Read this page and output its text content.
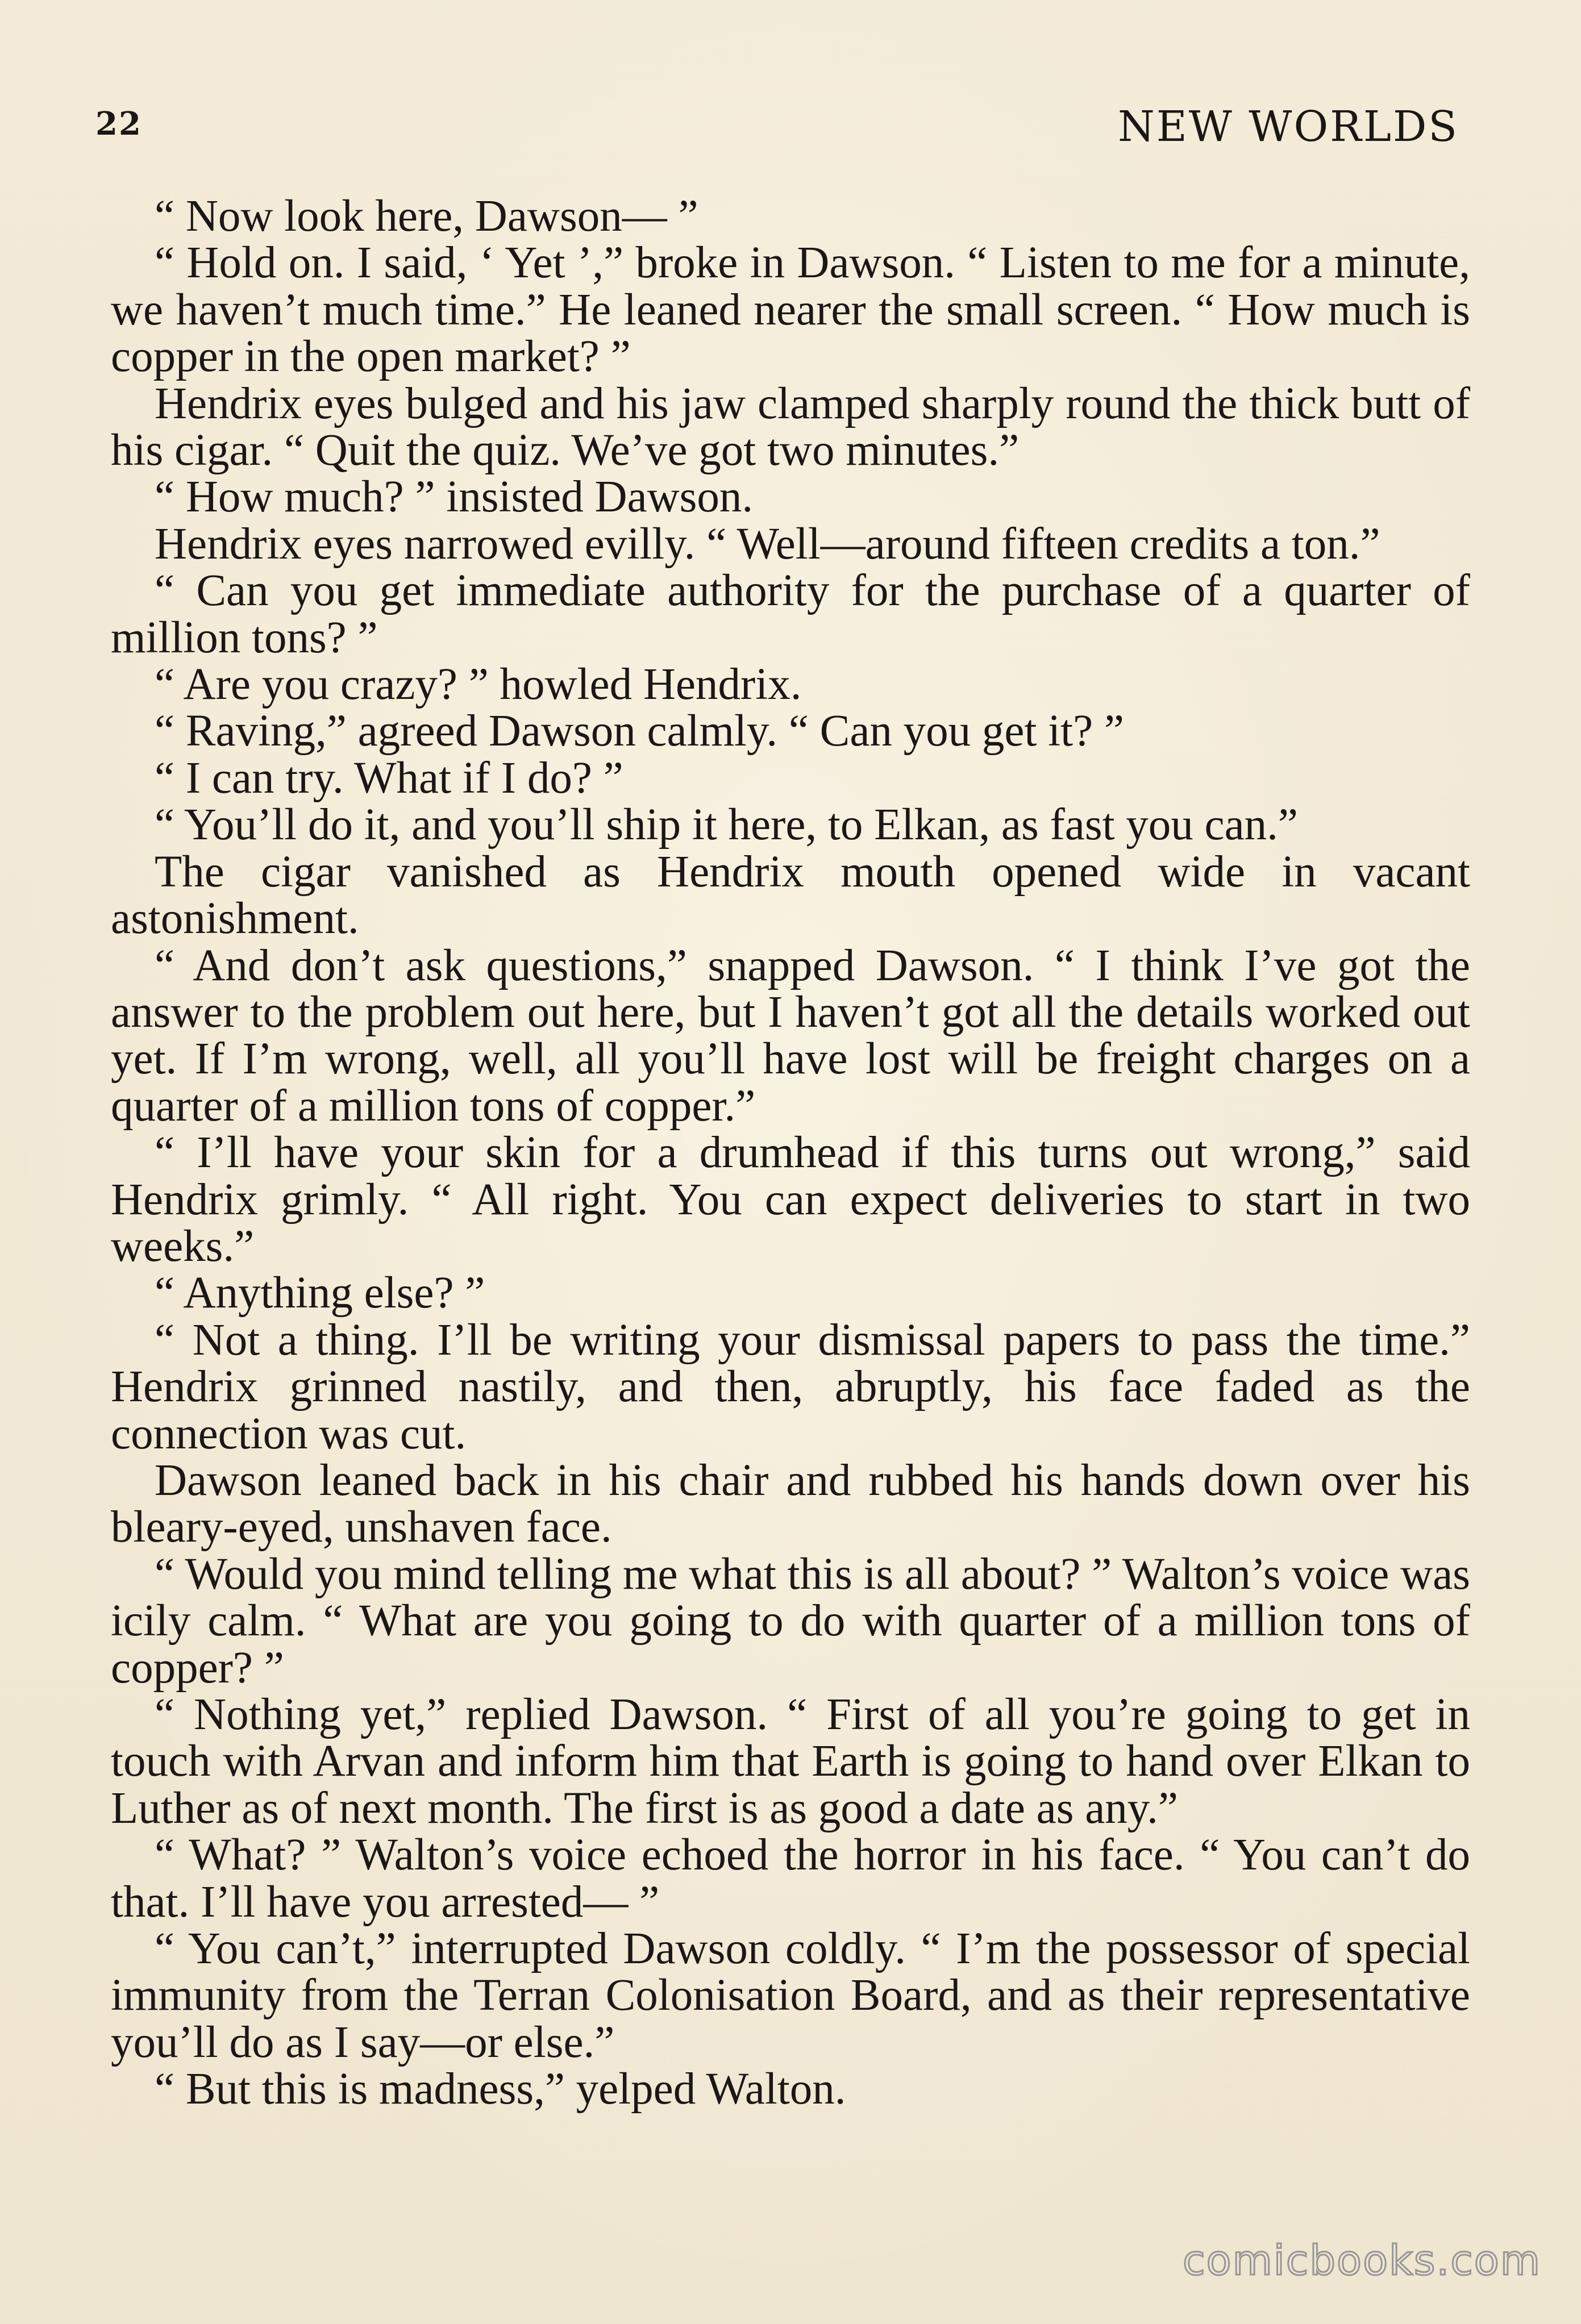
22	NEW WORLDS

“ Now look here, Dawson— ”

“ Hold on. I said, ‘ Yet ’,” broke in Dawson. “ Listen to me for a minute, we haven’t much time.” He leaned nearer the small screen. “ How much is copper in the open market? ”

Hendrix eyes bulged and his jaw clamped sharply round the thick butt of his cigar. “ Quit the quiz. We’ve got two minutes.”

“ How much? ” insisted Dawson.

Hendrix eyes narrowed evilly. “ Well—around fifteen credits a ton.”

“ Can you get immediate authority for the purchase of a quarter of million tons? ”

“ Are you crazy? ” howled Hendrix.

“ Raving,” agreed Dawson calmly. “ Can you get it? ”

“ I can try. What if I do? ”

“ You’ll do it, and you’ll ship it here, to Elkan, as fast you can.”

The cigar vanished as Hendrix mouth opened wide in vacant astonishment.

“ And don’t ask questions,” snapped Dawson. “ I think I’ve got the answer to the problem out here, but I haven’t got all the details worked out yet. If I’m wrong, well, all you’ll have lost will be freight charges on a quarter of a million tons of copper.”

“ I’ll have your skin for a drumhead if this turns out wrong,” said Hendrix grimly. “ All right. You can expect deliveries to start in two weeks.”

“ Anything else? ”

“ Not a thing. I’ll be writing your dismissal papers to pass the time.” Hendrix grinned nastily, and then, abruptly, his face faded as the connection was cut.

Dawson leaned back in his chair and rubbed his hands down over his bleary-eyed, unshaven face.

“ Would you mind telling me what this is all about? ” Walton’s voice was icily calm. “ What are you going to do with quarter of a million tons of copper? ”

“ Nothing yet,” replied Dawson. “ First of all you’re going to get in touch with Arvan and inform him that Earth is going to hand over Elkan to Luther as of next month. The first is as good a date as any.”

“ What? ” Walton’s voice echoed the horror in his face. “ You can’t do that. I’ll have you arrested— ”

“ You can’t,” interrupted Dawson coldly. “ I’m the possessor of special immunity from the Terran Colonisation Board, and as their representative you’ll do as I say—or else.”

“ But this is madness,” yelped Walton.

comicbooks.com
